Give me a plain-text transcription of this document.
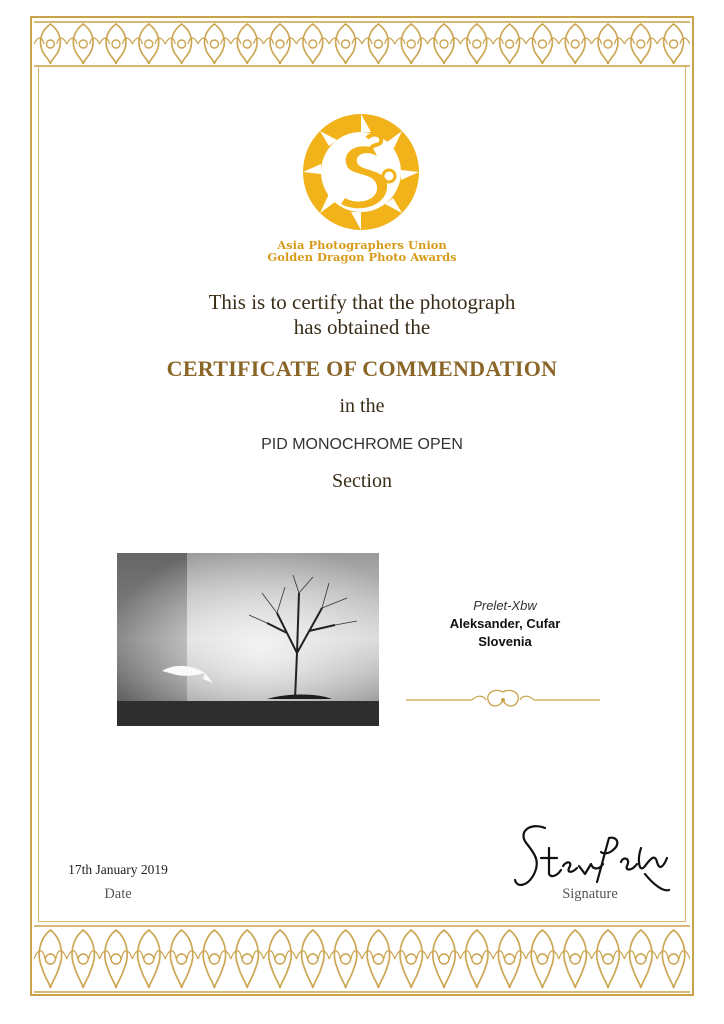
Asia Photographers Union
Golden Dragon Photo Awards
This is to certify that the photograph
has obtained the
CERTIFICATE OF COMMENDATION
in the
PID MONOCHROME OPEN
Section
Prelet-Xbw
Aleksander, Cufar
Slovenia
17th January 2019
Date	Signature
